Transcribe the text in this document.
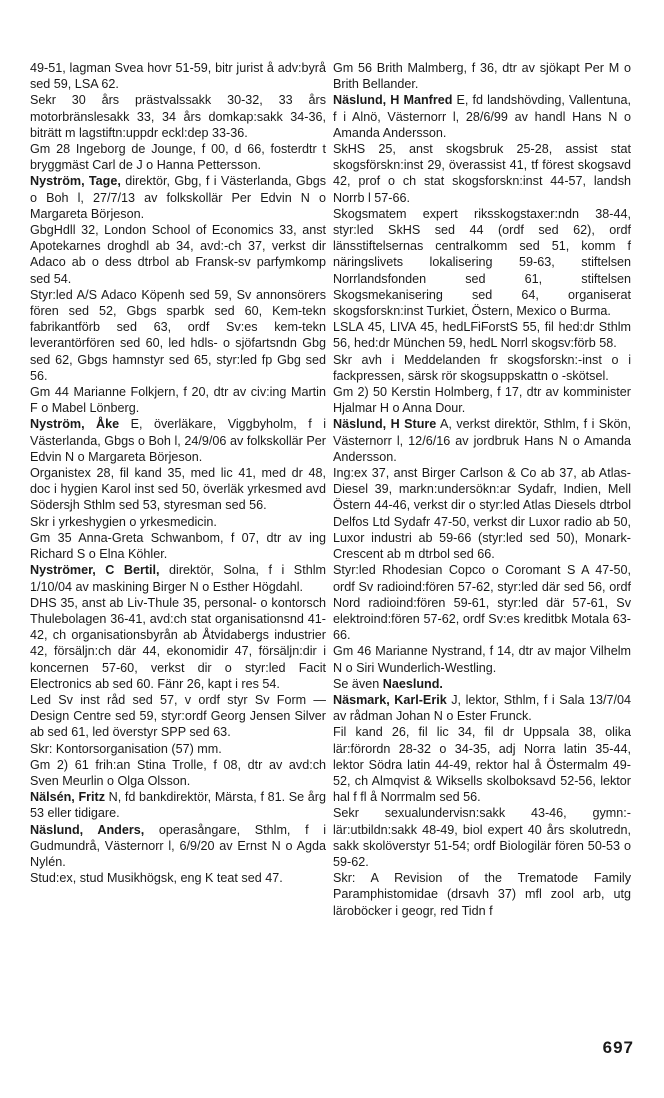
49-51, lagman Svea hovr 51-59, bitr jurist å adv:byrå sed 59, LSA 62.

Sekr 30 års prästvalssakk 30-32, 33 års motorbränslesakk 33, 34 års domkap:sakk 34-36, biträtt m lagstiftn:uppdr eckl:dep 33-36.

Gm 28 Ingeborg de Jounge, f 00, d 66, fosterdtr t bryggmäst Carl de J o Hanna Pettersson.

Nyström, Tage, direktör, Gbg, f i Västerlanda, Gbgs o Boh l, 27/7/13 av folkskollär Per Edvin N o Margareta Börjeson.

GbgHdll 32, London School of Economics 33, anst Apotekarnes droghdl ab 34, avd:-ch 37, verkst dir Adaco ab o dess dtrbol ab Fransk-sv parfymkomp sed 54.

Styr:led A/S Adaco Köpenh sed 59, Sv annonsörers fören sed 52, Gbgs sparbk sed 60, Kem-tekn fabrikantförb sed 63, ordf Sv:es kem-tekn leverantörfören sed 60, led hdls- o sjöfartsndn Gbg sed 62, Gbgs hamnstyr sed 65, styr:led fp Gbg sed 56.

Gm 44 Marianne Folkjern, f 20, dtr av civ:ing Martin F o Mabel Lönberg.

Nyström, Åke E, överläkare, Viggbyholm, f i Västerlanda, Gbgs o Boh l, 24/9/06 av folkskollär Per Edvin N o Margareta Börjeson.

Organistex 28, fil kand 35, med lic 41, med dr 48, doc i hygien Karol inst sed 50, överläk yrkesmed avd Södersjh Sthlm sed 53, styresman sed 56.

Skr i yrkeshygien o yrkesmedicin.

Gm 35 Anna-Greta Schwanbom, f 07, dtr av ing Richard S o Elna Köhler.

Nyströmer, C Bertil, direktör, Solna, f i Sthlm 1/10/04 av maskining Birger N o Esther Högdahl.

DHS 35, anst ab Liv-Thule 35, personal- o kontorsch Thulebolagen 36-41, avd:ch stat organisationsnd 41-42, ch organisationsbyrån ab Åtvidabergs industrier 42, försäljn:ch där 44, ekonomidir 47, försäljn:dir i koncernen 57-60, verkst dir o styr:led Facit Electronics ab sed 60. Fänr 26, kapt i res 54.

Led Sv inst råd sed 57, v ordf styr Sv Form — Design Centre sed 59, styr:ordf Georg Jensen Silver ab sed 61, led överstyr SPP sed 63.

Skr: Kontorsorganisation (57) mm.

Gm 2) 61 frih:an Stina Trolle, f 08, dtr av avd:ch Sven Meurlin o Olga Olsson.

Nälsén, Fritz N, fd bankdirektör, Märsta, f 81. Se årg 53 eller tidigare.

Näslund, Anders, operasångare, Sthlm, f i Gudmundrå, Västernorr l, 6/9/20 av Ernst N o Agda Nylén.

Stud:ex, stud Musikhögsk, eng K teat sed 47.

Gm 56 Brith Malmberg, f 36, dtr av sjökapt Per M o Brith Bellander.

Näslund, H Manfred E, fd landshövding, Vallentuna, f i Alnö, Västernorr l, 28/6/99 av handl Hans N o Amanda Andersson.

SkHS 25, anst skogsbruk 25-28, assist stat skogsförskn:inst 29, överassist 41, tf förest skogsavd 42, prof o ch stat skogsforskn:inst 44-57, landsh Norrb l 57-66.

Skogsmatem expert riksskogstaxer:ndn 38-44, styr:led SkHS sed 44 (ordf sed 62), ordf länsstiftelsernas centralkomm sed 51, komm f näringslivets lokalisering 59-63, stiftelsen Norrlandsfonden sed 61, stiftelsen Skogsmekanisering sed 64, organiserat skogsforskn:inst Turkiet, Östern, Mexico o Burma.

LSLA 45, LIVA 45, hedLFiForstS 55, fil hed:dr Sthlm 56, hed:dr München 59, hedL Norrl skogsv:förb 58.

Skr avh i Meddelanden fr skogsforskn:-inst o i fackpressen, särsk rör skogsuppskattn o -skötsel.

Gm 2) 50 Kerstin Holmberg, f 17, dtr av komminister Hjalmar H o Anna Dour.

Näslund, H Sture A, verkst direktör, Sthlm, f i Skön, Västernorr l, 12/6/16 av jordbruk Hans N o Amanda Andersson.

Ing:ex 37, anst Birger Carlson & Co ab 37, ab Atlas-Diesel 39, markn:undersökn:ar Sydafr, Indien, Mell Östern 44-46, verkst dir o styr:led Atlas Diesels dtrbol Delfos Ltd Sydafr 47-50, verkst dir Luxor radio ab 50, Luxor industri ab 59-66 (styr:led sed 50), Monark-Crescent ab m dtrbol sed 66.

Styr:led Rhodesian Copco o Coromant S A 47-50, ordf Sv radioind:fören 57-62, styr:led där sed 56, ordf Nord radioind:fören 59-61, styr:led där 57-61, Sv elektroind:fören 57-62, ordf Sv:es kreditbk Motala 63-66.

Gm 46 Marianne Nystrand, f 14, dtr av major Vilhelm N o Siri Wunderlich-Westling.

Se även Naeslund.

Näsmark, Karl-Erik J, lektor, Sthlm, f i Sala 13/7/04 av rådman Johan N o Ester Frunck.

Fil kand 26, fil lic 34, fil dr Uppsala 38, olika lär:förordn 28-32 o 34-35, adj Norra latin 35-44, lektor Södra latin 44-49, rektor hal å Östermalm 49-52, ch Almqvist & Wiksells skolboksavd 52-56, lektor hal f fl å Norrmalm sed 56.

Sekr sexualundervisn:sakk 43-46, gymn:-lär:utbildn:sakk 48-49, biol expert 40 års skolutredn, sakk skolöverstyr 51-54; ordf Biologilär fören 50-53 o 59-62.

Skr: A Revision of the Trematode Family Paramphistomidae (drsavh 37) mfl zool arb, utg läroböcker i geogr, red Tidn f

697
